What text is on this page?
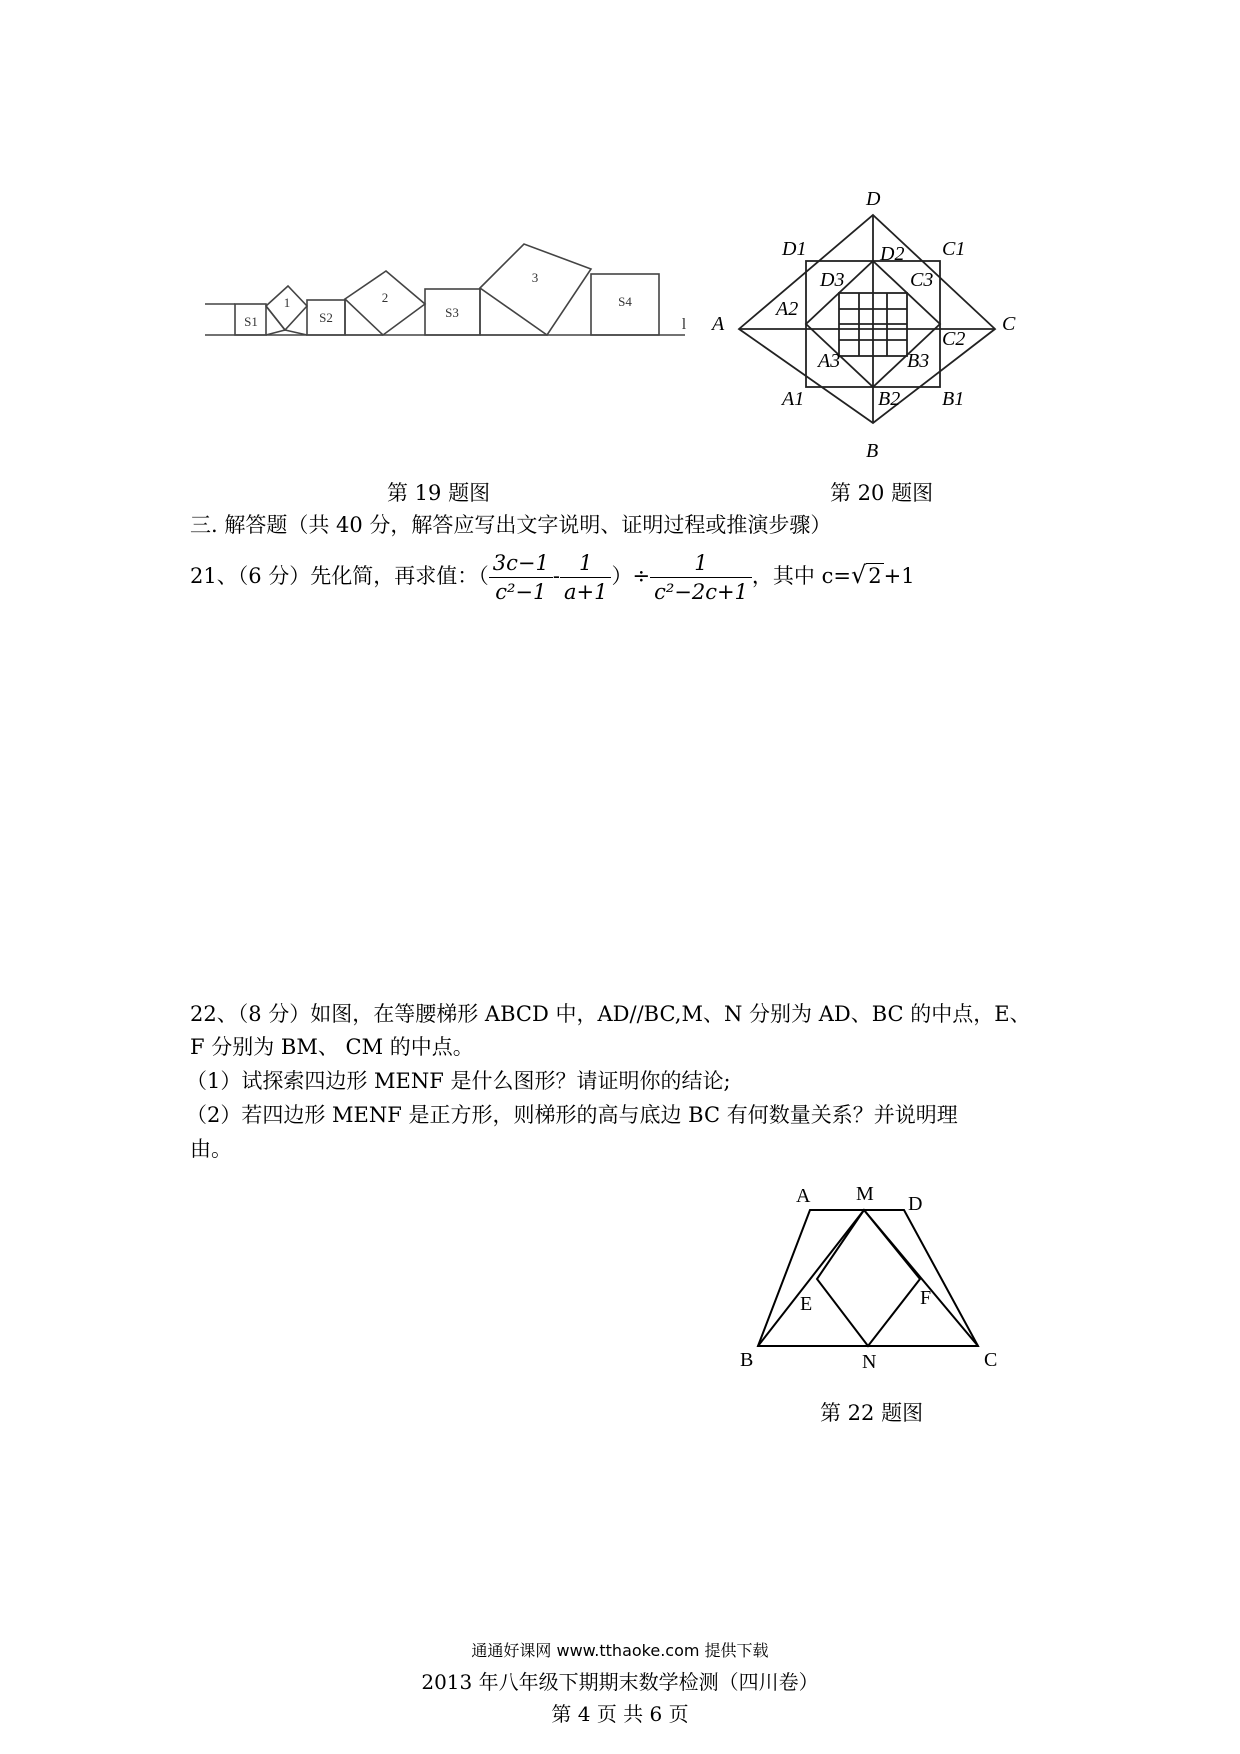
S1
1
S2
2
S3
3
S4
l
D
D1	D2 C1
D3	C3
A2
A	C
C2
A3	B3
A1	B2 B1
B
第 19 题图	第 20 题图
三. 解答题（共 40 分，解答应写出文字说明、证明过程或推演步骤）
21、（6 分）先化简，再求值：（ $\frac{3c-1}{\text{c²−1}} - \frac{1}{a+1}$ ）÷ $\frac{1}{\text{c²−2c+1}}$ ，其中 c=√2+1
22、（8 分）如图，在等腰梯形 ABCD 中，AD//BC,M、N 分别为 AD、BC 的中点，E、
F 分别为 BM、 CM 的中点。
（1）试探索四边形 MENF 是什么图形？请证明你的结论;
（2）若四边形 MENF 是正方形，则梯形的高与底边 BC 有何数量关系？并说明理
由。
A M D
E	F
B	N	C
第 22 题图
通通好课网 www.tthaoke.com 提供下载
2013 年八年级下期期末数学检测（四川卷）
第 4 页 共 6 页
